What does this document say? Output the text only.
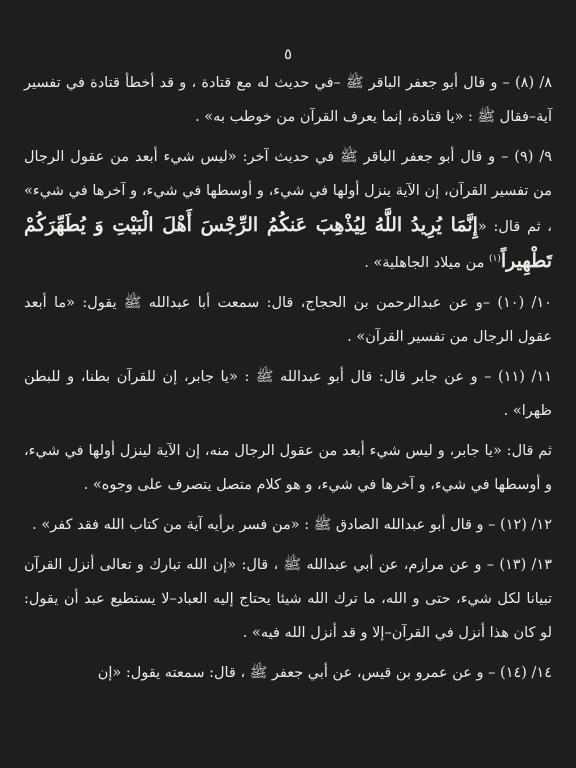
٥

٨/ (٨) – و قال أبو جعفر الباقر ﷺ –في حديث له مع قتادة ، و قد أخطأ قتادة في تفسير آية–فقال ﷺ : «يا قتادة، إنما يعرف القرآن من خوطب به» .

٩/ (٩) – و قال أبو جعفر الباقر ﷺ في حديث آخر: «ليس شيء أبعد من عقول الرجال من تفسير القرآن، إن الآية ينزل أولها في شيء، و أوسطها في شيء، و آخرها في شيء» ، ثم قال: «إِنَّمَا يُرِيدُ اللَّهُ لِيُذْهِبَ عَنكُمُ الرِّجْسَ أَهْلَ الْبَيْتِ وَ يُطَهِّرَكُمْ تَطْهِيراً$^{(١)}$ من ميلاد الجاهلية» .

١٠/ (١٠) –و عن عبدالرحمن بن الحجاج، قال: سمعت أبا عبدالله ﷺ يقول: «ما أبعد عقول الرجال من تفسير القرآن» .

١١/ (١١) – و عن جابر قال: قال أبو عبدالله ﷺ : «يا جابر، إن للقرآن بطنا، و للبطن ظهرا» .

ثم قال: «يا جابر، و ليس شيء أبعد من عقول الرجال منه، إن الآية لينزل أولها في شيء، و أوسطها في شيء، و آخرها في شيء، و هو كلام متصل يتصرف على وجوه» .

١٢/ (١٢) – و قال أبو عبدالله الصادق ﷺ : «من فسر برأيه آية من كتاب الله فقد كفر» .

١٣/ (١٣) – و عن مرازم، عن أبي عبدالله ﷺ ، قال: «إن الله تبارك و تعالى أنزل القرآن تبيانا لكل شيء، حتى و الله، ما ترك الله شيئا يحتاج إليه العباد–لا يستطيع عبد أن يقول: لو كان هذا أنزل في القرآن–إلا و قد أنزل الله فيه» .

١٤/ (١٤) – و عن عمرو بن قيس، عن أبي جعفر ﷺ ، قال: سمعته يقول: «إن
